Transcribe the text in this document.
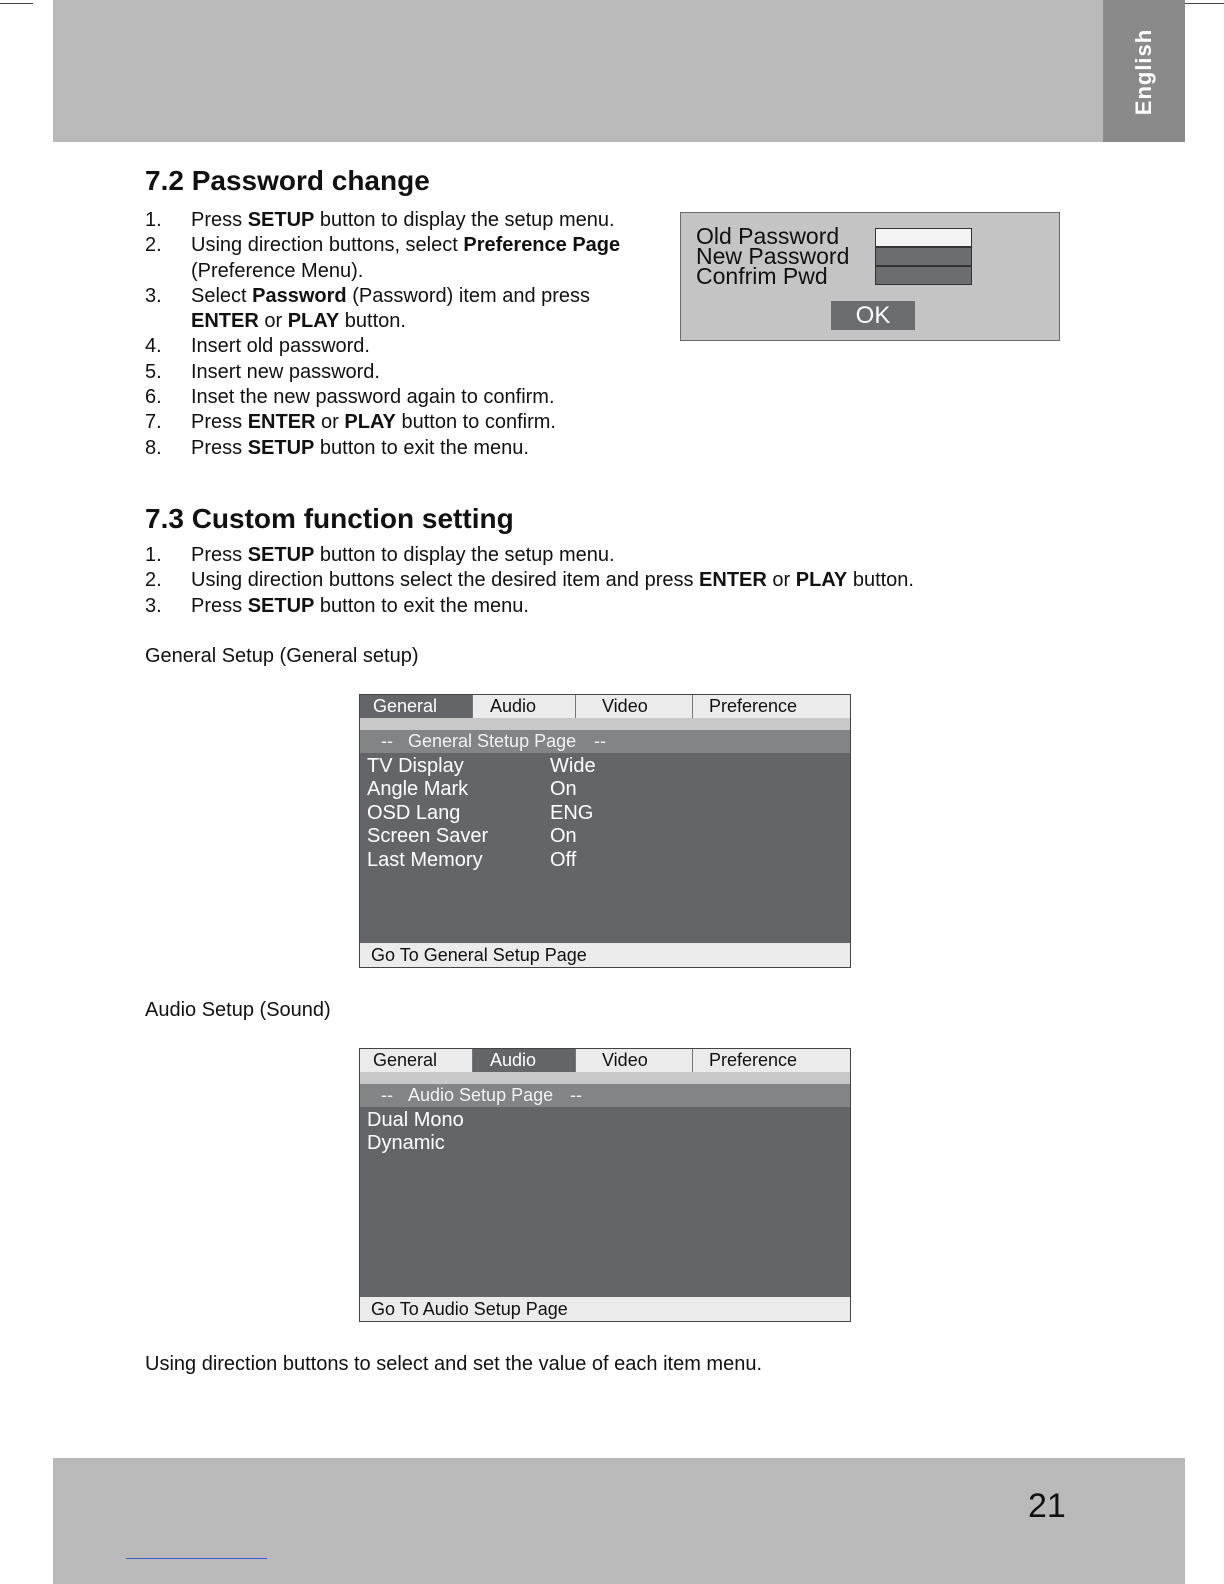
English
7.2 Password change
1. Press SETUP button to display the setup menu.
2. Using direction buttons, select Preference Page
(Preference Menu).
3. Select Password (Password) item and press
ENTER or PLAY button.
4. Insert old password.
5. Insert new password.
6. Inset the new password again to confirm.
7. Press ENTER or PLAY button to confirm.
8. Press SETUP button to exit the menu.
Old Password
New Password
Confrim Pwd
OK
7.3 Custom function setting
1. Press SETUP button to display the setup menu.
2. Using direction buttons select the desired item and press ENTER or PLAY button.
3. Press SETUP button to exit the menu.

General Setup (General setup)

General	Audio	Video	Preference
-- General Stetup Page --
TV Display	Wide
Angle Mark	On
OSD Lang	ENG
Screen Saver	On
Last Memory	Off
Go To General Setup Page

Audio Setup (Sound)

General	Audio	Video	Preference
-- Audio Setup Page --
Dual Mono
Dynamic
Go To Audio Setup Page

Using direction buttons to select and set the value of each item menu.

21
